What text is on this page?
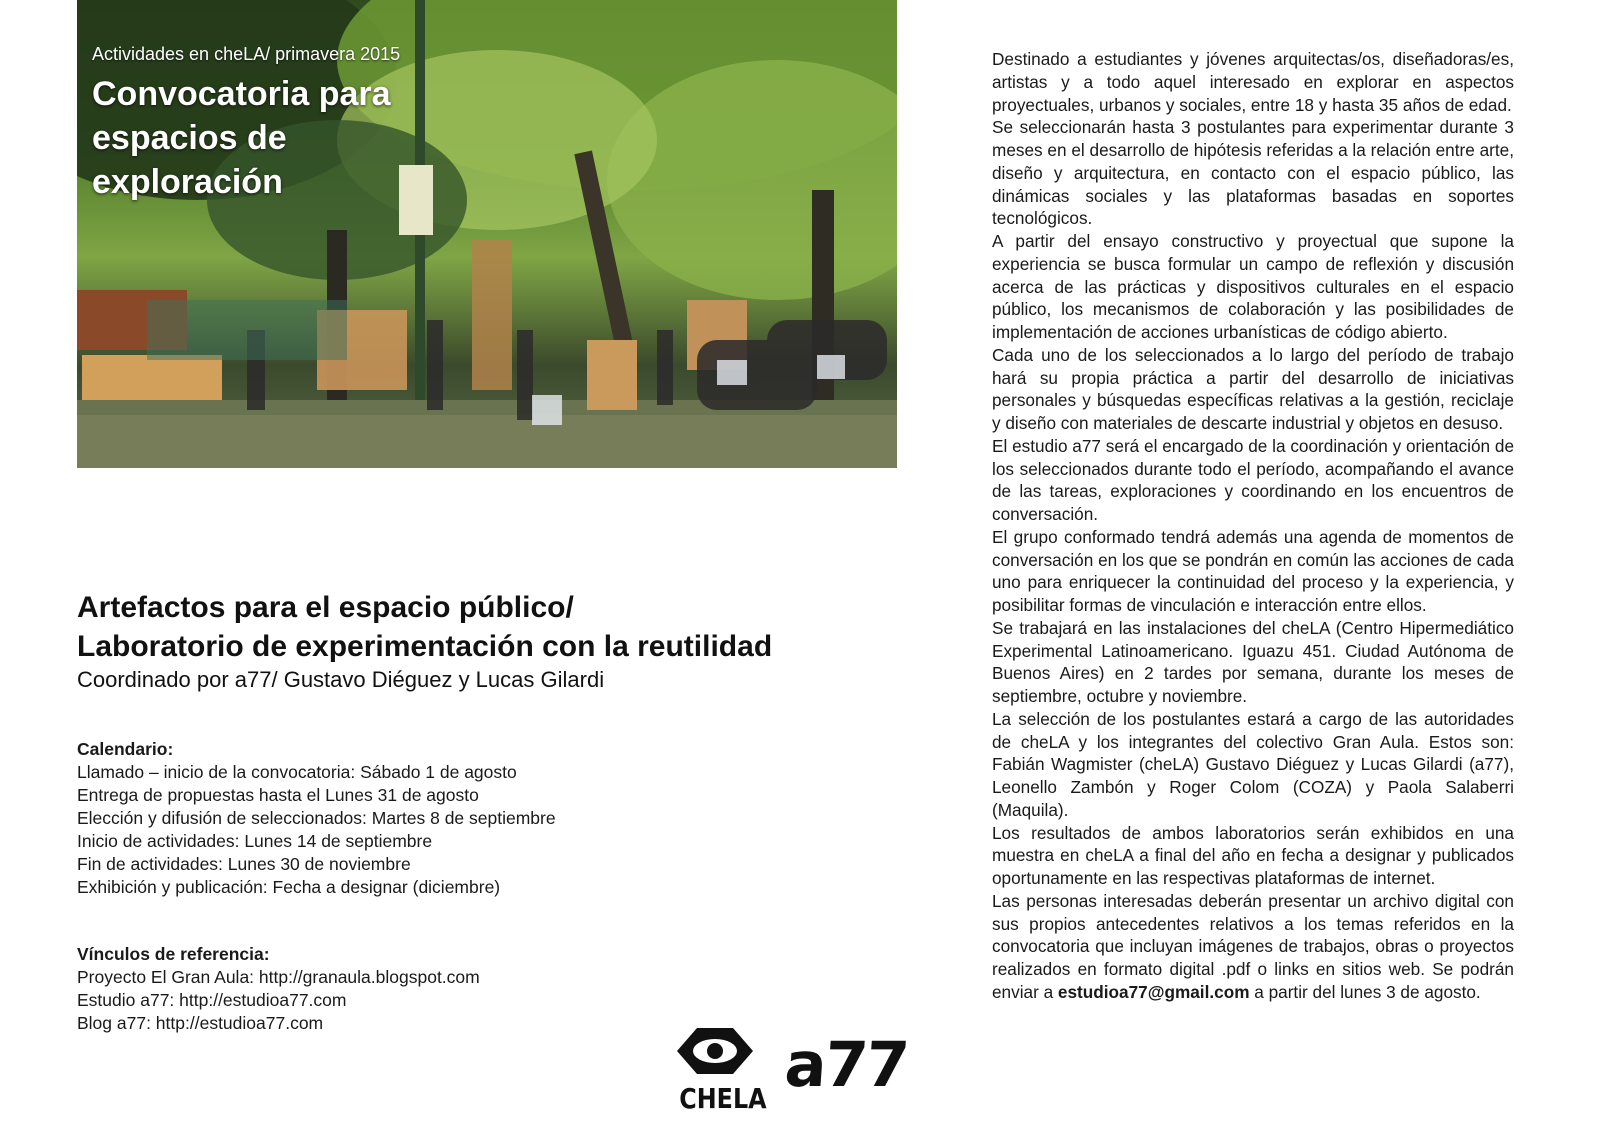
Actividades en cheLA/ primavera 2015
Convocatoria para espacios de exploración
Artefactos para el espacio público/
Laboratorio de experimentación con la reutilidad
Coordinado por a77/ Gustavo Diéguez y Lucas Gilardi
Calendario:
Llamado – inicio de la convocatoria: Sábado 1 de agosto
Entrega de propuestas hasta el Lunes 31 de agosto
Elección y difusión de seleccionados: Martes 8 de septiembre
Inicio de actividades: Lunes 14 de septiembre
Fin de actividades: Lunes 30 de noviembre
Exhibición y publicación: Fecha a designar (diciembre)
Vínculos de referencia:
Proyecto El Gran Aula: http://granaula.blogspot.com
Estudio a77: http://estudioa77.com
Blog a77: http://estudioa77.com
CHELA a77

Destinado a estudiantes y jóvenes arquitectas/os, diseñadoras/es, artistas y a todo aquel interesado en explorar en aspectos proyectuales, urbanos y sociales, entre 18 y hasta 35 años de edad.

Se seleccionarán hasta 3 postulantes para experimentar durante 3 meses en el desarrollo de hipótesis referidas a la relación entre arte, diseño y arquitectura, en contacto con el espacio público, las dinámicas sociales y las plataformas basadas en soportes tecnológicos.

A partir del ensayo constructivo y proyectual que supone la experiencia se busca formular un campo de reflexión y discusión acerca de las prácticas y dispositivos culturales en el espacio público, los mecanismos de colaboración y las posibilidades de implementación de acciones urbanísticas de código abierto.

Cada uno de los seleccionados a lo largo del período de trabajo hará su propia práctica a partir del desarrollo de iniciativas personales y búsquedas específicas relativas a la gestión, reciclaje y diseño con materiales de descarte industrial y objetos en desuso.

El estudio a77 será el encargado de la coordinación y orientación de los seleccionados durante todo el período, acompañando el avance de las tareas, exploraciones y coordinando en los encuentros de conversación.

El grupo conformado tendrá además una agenda de momentos de conversación en los que se pondrán en común las acciones de cada uno para enriquecer la continuidad del proceso y la experiencia, y posibilitar formas de vinculación e interacción entre ellos.

Se trabajará en las instalaciones del cheLA (Centro Hipermediático Experimental Latinoamericano. Iguazu 451. Ciudad Autónoma de Buenos Aires) en 2 tardes por semana, durante los meses de septiembre, octubre y noviembre.

La selección de los postulantes estará a cargo de las autoridades de cheLA y los integrantes del colectivo Gran Aula. Estos son: Fabián Wagmister (cheLA) Gustavo Diéguez y Lucas Gilardi (a77), Leonello Zambón y Roger Colom (COZA) y Paola Salaberri (Maquila).

Los resultados de ambos laboratorios serán exhibidos en una muestra en cheLA a final del año en fecha a designar y publicados oportunamente en las respectivas plataformas de internet.

Las personas interesadas deberán presentar un archivo digital con sus propios antecedentes relativos a los temas referidos en la convocatoria que incluyan imágenes de trabajos, obras o proyectos realizados en formato digital .pdf o links en sitios web. Se podrán enviar a estudioa77@gmail.com a partir del lunes 3 de agosto.
